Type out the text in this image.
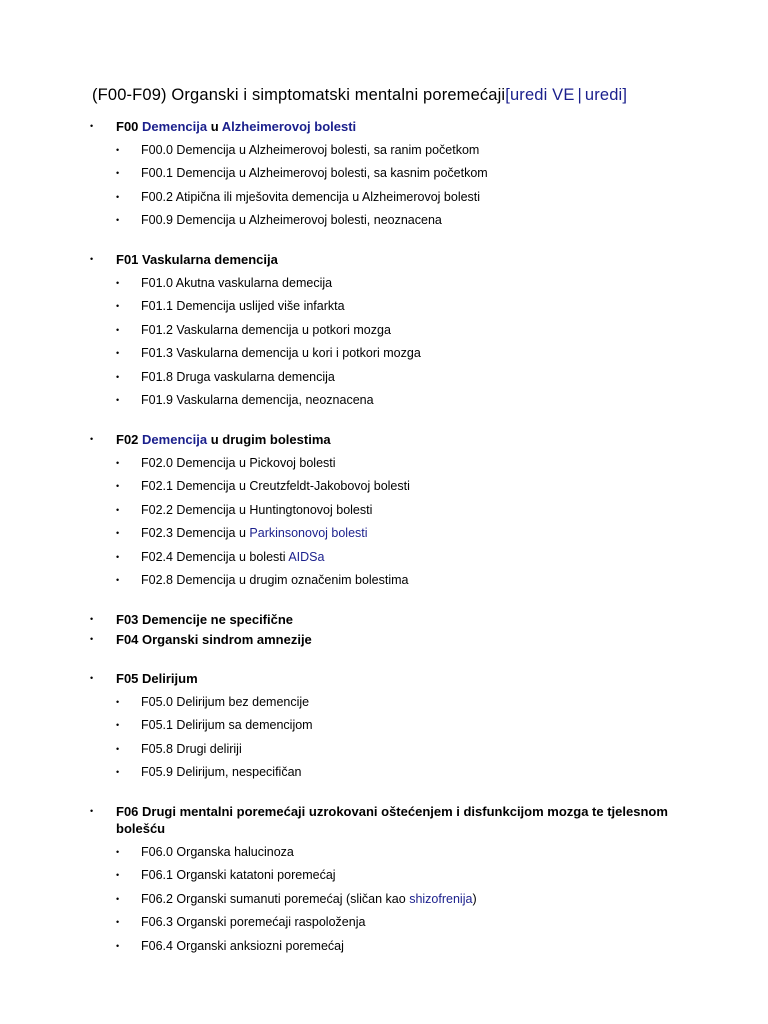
(F00-F09) Organski i simptomatski mentalni poremećaji[uredi VE | uredi]
• F00 Demencija u Alzheimerovoj bolesti
• F00.0 Demencija u Alzheimerovoj bolesti, sa ranim početkom
• F00.1 Demencija u Alzheimerovoj bolesti, sa kasnim početkom
• F00.2 Atipična ili mješovita demencija u Alzheimerovoj bolesti
• F00.9 Demencija u Alzheimerovoj bolesti, neoznacena
• F01 Vaskularna demencija
• F01.0 Akutna vaskularna demecija
• F01.1 Demencija uslijed više infarkta
• F01.2 Vaskularna demencija u potkori mozga
• F01.3 Vaskularna demencija u kori i potkori mozga
• F01.8 Druga vaskularna demencija
• F01.9 Vaskularna demencija, neoznacena
• F02 Demencija u drugim bolestima
• F02.0 Demencija u Pickovoj bolesti
• F02.1 Demencija u Creutzfeldt-Jakobovoj bolesti
• F02.2 Demencija u Huntingtonovoj bolesti
• F02.3 Demencija u Parkinsonovoj bolesti
• F02.4 Demencija u bolesti AIDSa
• F02.8 Demencija u drugim označenim bolestima
• F03 Demencije ne specifične
• F04 Organski sindrom amnezije
• F05 Delirijum
• F05.0 Delirijum bez demencije
• F05.1 Delirijum sa demencijom
• F05.8 Drugi deliriji
• F05.9 Delirijum, nespecifičan
• F06 Drugi mentalni poremećaji uzrokovani oštećenjem i disfunkcijom mozga te tjelesnom bolešću
• F06.0 Organska halucinoza
• F06.1 Organski katatoni poremećaj
• F06.2 Organski sumanuti poremećaj (sličan kao shizofrenija)
• F06.3 Organski poremećaji raspoloženja
• F06.4 Organski anksiozni poremećaj
